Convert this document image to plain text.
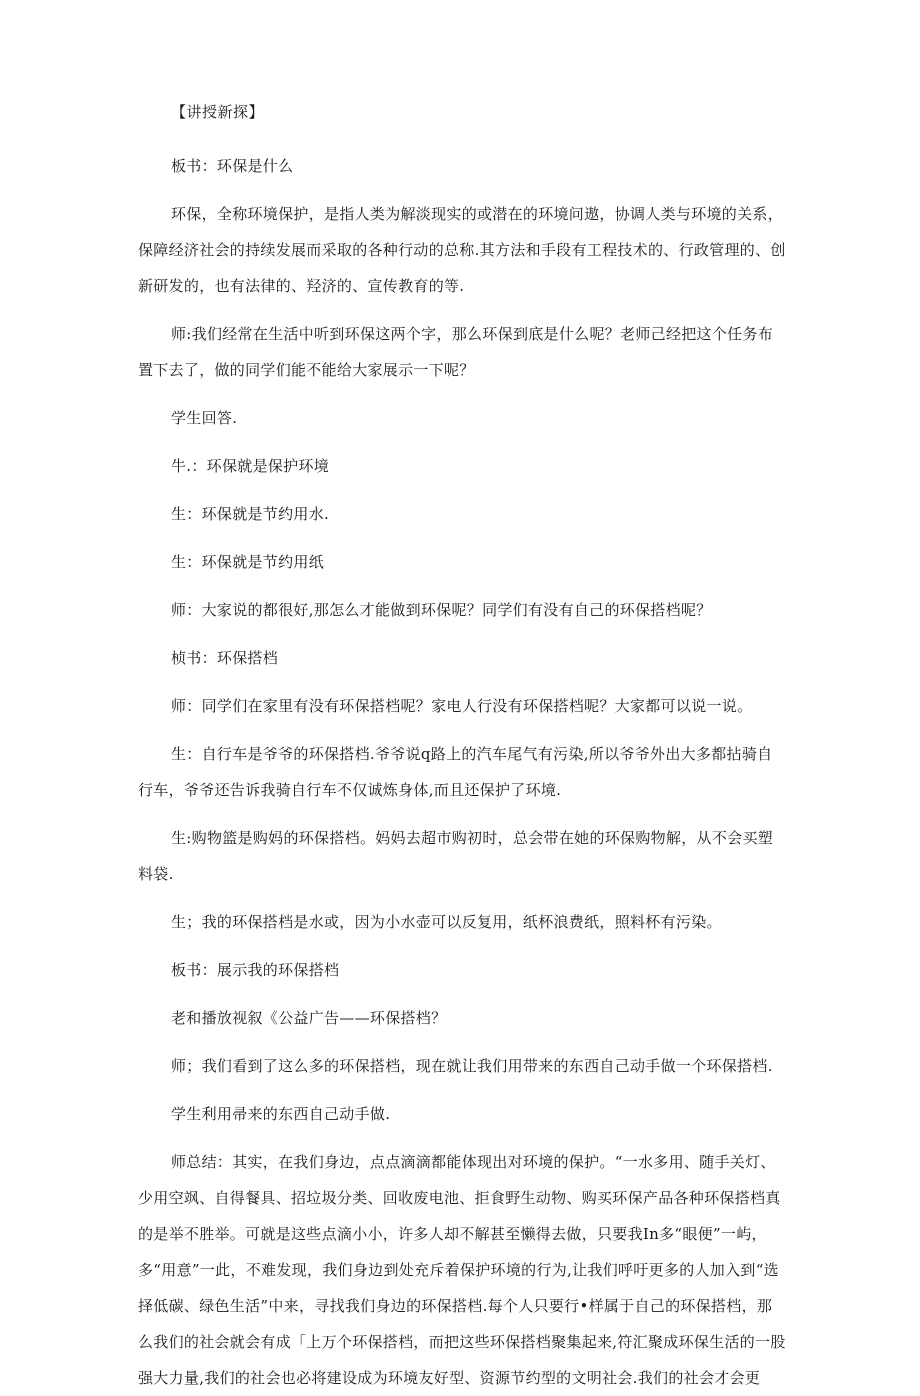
【讲授新探】

板书：环保是什么

环保，全称环境保护，是指人类为解淡现实的或潜在的环境问遨，协调人类与环境的关系，保障经济社会的持续发展而采取的各种行动的总称.其方法和手段有工程技术的、行政管理的、创新研发的，也有法律的、羟济的、宣传教育的等.

师:我们经常在生活中听到环保这两个字，那么环保到底是什么呢？老师己经把这个任务布置下去了，做的同学们能不能给大家展示一下呢？

学生回答.

牛.：环保就是保护环境

生：环保就是节约用水.

生：环保就是节约用纸

师：大家说的都很好,那怎么才能做到环保呢？同学们有没有自己的环保搭档呢？

桢书：环保搭档

师：同学们在家里有没有环保搭档呢？家电人行没有环保搭档呢？大家都可以说一说。

生：自行车是爷爷的环保搭档.爷爷说q路上的汽车尾气有污染,所以爷爷外出大多都拈骑自行车，爷爷还告诉我骑自行车不仅诚炼身体,而且还保护了环境.

生:购物篮是购妈的环保搭档。妈妈去超市购初时，总会带在她的环保购物解，从不会买塑料袋.

生；我的环保搭档是水或，因为小水壶可以反复用，纸杯浪费纸，照料杯有污染。

板书：展示我的环保搭档

老和播放视叙《公益广告——环保搭档？

师；我们看到了这么多的环保搭档，现在就让我们用带来的东西自己动手做一个环保搭档.

学生利用帚来的东西自己动手做.

师总结：其实，在我们身边，点点滴滴都能体现出对环境的保护。“一水多用、随手关灯、少用空飒、自得餐具、招垃圾分类、回收废电池、拒食野生动物、购买环保产品各种环保搭档真的是举不胜举。可就是这些点滴小小，许多人却不解甚至懒得去做，只要我In多“眼便”一屿，多“用意”一此，不难发现，我们身边到处充斥着保护环境的行为,让我们呼吁更多的人加入到“选择低碳、绿色生活”中来，寻找我们身边的环保搭档.每个人只要行•样属于自己的环保搭档，那么我们的社会就会有成「上万个环保搭档，而把这些环保搭档聚集起来,符汇聚成环保生活的一股强大力量,我们的社会也必将建设成为环境友好型、资源节约型的文明社会.我们的社会才会更
